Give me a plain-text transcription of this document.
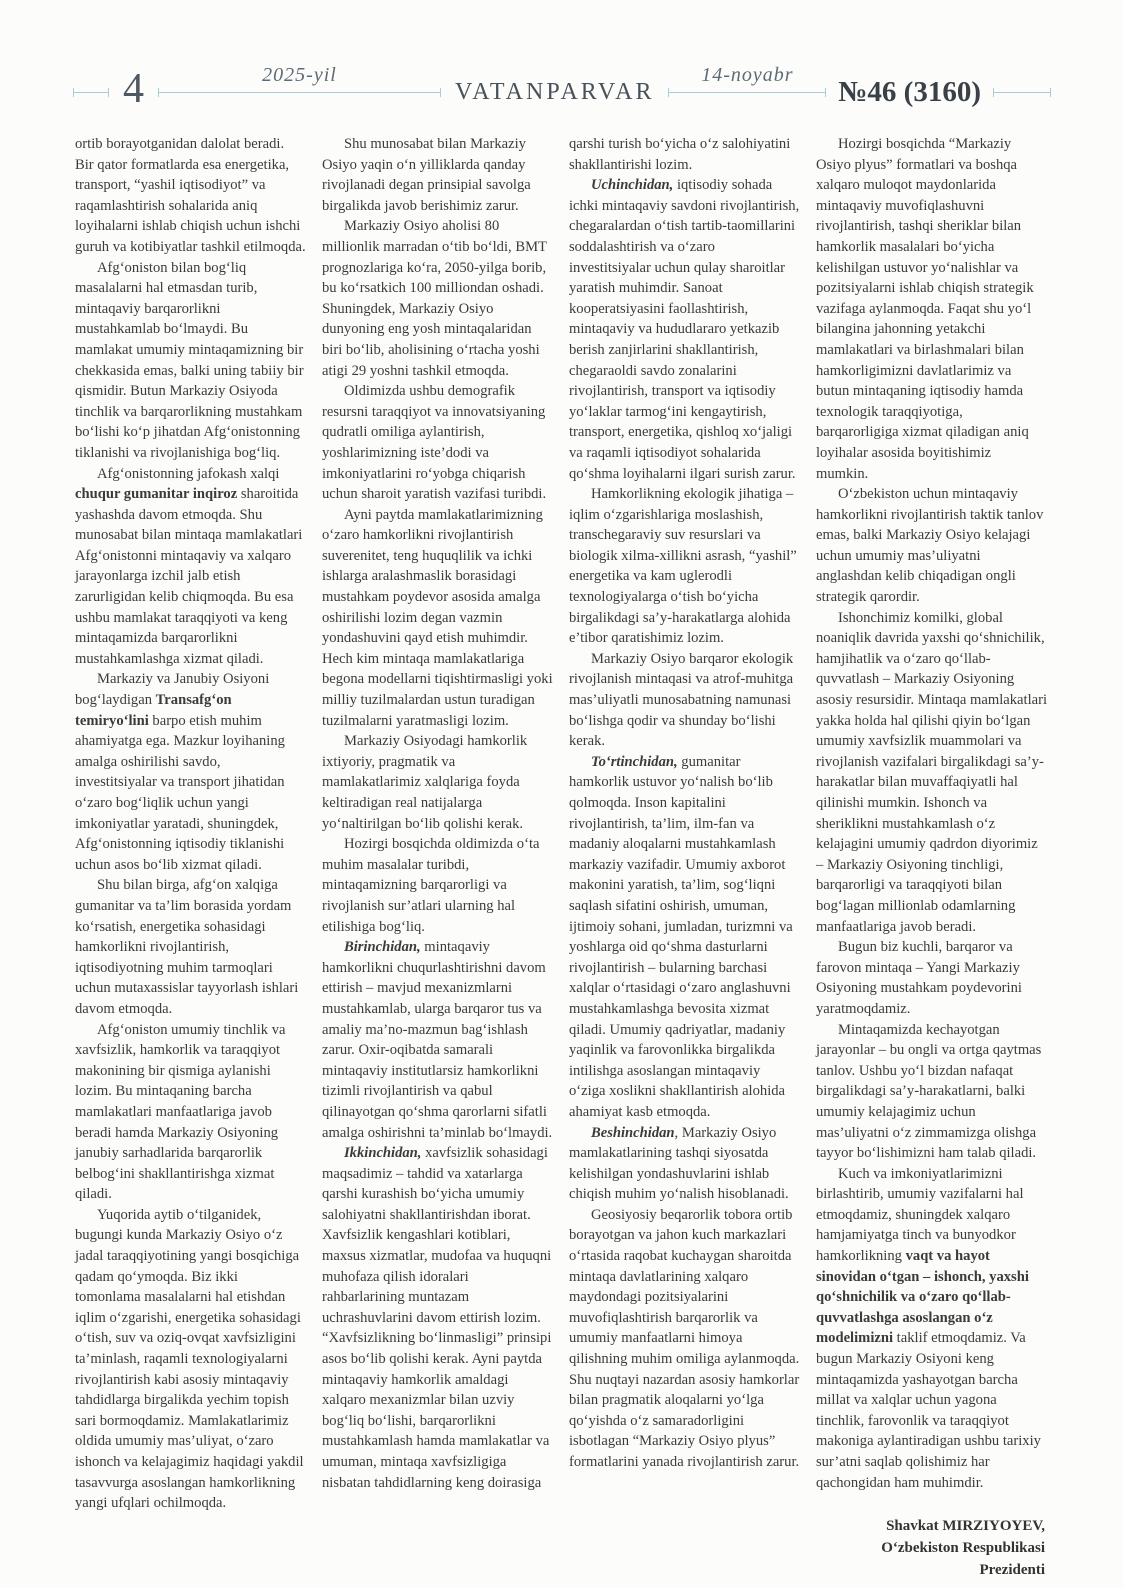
4	2025-yil
VATANPARVAR
14-noyabr
№46 (3160)

ortib borayotganidan dalolat beradi. Bir qator formatlarda esa energetika, transport, “yashil iqtisodiyot” va raqamlashtirish sohalarida aniq loyihalarni ishlab chiqish uchun ishchi guruh va kotibiyatlar tashkil etilmoqda.

Afg‘oniston bilan bog‘liq masalalarni hal etmasdan turib, mintaqaviy barqarorlikni mustahkamlab bo‘lmaydi. Bu mamlakat umumiy mintaqamizning bir chekkasida emas, balki uning tabiiy bir qismidir. Butun Markaziy Osiyoda tinchlik va barqarorlikning mustahkam bo‘lishi ko‘p jihatdan Afg‘onistonning tiklanishi va rivojlanishiga bog‘liq.

Afg‘onistonning jafokash xalqi chuqur gumanitar inqiroz sharoitida yashashda davom etmoqda. Shu munosabat bilan mintaqa mamlakatlari Afg‘onistonni mintaqaviy va xalqaro jarayonlarga izchil jalb etish zarurligidan kelib chiqmoqda. Bu esa ushbu mamlakat taraqqiyoti va keng mintaqamizda barqarorlikni mustahkamlashga xizmat qiladi.

Markaziy va Janubiy Osiyoni bog‘laydigan Transafg‘on temiryo‘lini barpo etish muhim ahamiyatga ega. Mazkur loyihaning amalga oshirilishi savdo, investitsiyalar va transport jihatidan o‘zaro bog‘liqlik uchun yangi imkoniyatlar yaratadi, shuningdek, Afg‘onistonning iqtisodiy tiklanishi uchun asos bo‘lib xizmat qiladi.

Shu bilan birga, afg‘on xalqiga gumanitar va ta’lim borasida yordam ko‘rsatish, energetika sohasidagi hamkorlikni rivojlantirish, iqtisodiyotning muhim tarmoqlari uchun mutaxassislar tayyorlash ishlari davom etmoqda.

Afg‘oniston umumiy tinchlik va xavfsizlik, hamkorlik va taraqqiyot makonining bir qismiga aylanishi lozim. Bu mintaqaning barcha mamlakatlari manfaatlariga javob beradi hamda Markaziy Osiyoning janubiy sarhadlarida barqarorlik belbog‘ini shakllantirishga xizmat qiladi.

Yuqorida aytib o‘tilganidek, bugungi kunda Markaziy Osiyo o‘z jadal taraqqiyotining yangi bosqichiga qadam qo‘ymoqda. Biz ikki tomonlama masalalarni hal etishdan iqlim o‘zgarishi, energetika sohasidagi o‘tish, suv va oziq-ovqat xavfsizligini ta’minlash, raqamli texnologiyalarni rivojlantirish kabi asosiy mintaqaviy tahdidlarga birgalikda yechim topish sari bormoqdamiz. Mamlakatlarimiz oldida umumiy mas’uliyat, o‘zaro ishonch va kelajagimiz haqidagi yakdil tasavvurga asoslangan hamkorlikning yangi ufqlari ochilmoqda.

Shu munosabat bilan Markaziy Osiyo yaqin o‘n yilliklarda qanday rivojlanadi degan prinsipial savolga birgalikda javob berishimiz zarur.

Markaziy Osiyo aholisi 80 millionlik marradan o‘tib bo‘ldi, BMT prognozlariga ko‘ra, 2050-yilga borib, bu ko‘rsatkich 100 milliondan oshadi. Shuningdek, Markaziy Osiyo dunyoning eng yosh mintaqalaridan biri bo‘lib, aholisining o‘rtacha yoshi atigi 29 yoshni tashkil etmoqda.

Oldimizda ushbu demografik resursni taraqqiyot va innovatsiyaning qudratli omiliga aylantirish, yoshlarimizning iste’dodi va imkoniyatlarini ro‘yobga chiqarish uchun sharoit yaratish vazifasi turibdi.

Ayni paytda mamlakatlarimizning o‘zaro hamkorlikni rivojlantirish suverenitet, teng huquqlilik va ichki ishlarga aralashmaslik borasidagi mustahkam poydevor asosida amalga oshirilishi lozim degan vazmin yondashuvini qayd etish muhimdir. Hech kim mintaqa mamlakatlariga begona modellarni tiqishtirmasligi yoki milliy tuzilmalardan ustun turadigan tuzilmalarni yaratmasligi lozim.

Markaziy Osiyodagi hamkorlik ixtiyoriy, pragmatik va mamlakatlarimiz xalqlariga foyda keltiradigan real natijalarga yo‘naltirilgan bo‘lib qolishi kerak.

Hozirgi bosqichda oldimizda o‘ta muhim masalalar turibdi, mintaqamizning barqarorligi va rivojlanish sur’atlari ularning hal etilishiga bog‘liq.

Birinchidan, mintaqaviy hamkorlikni chuqurlashtirishni davom ettirish – mavjud mexanizmlarni mustahkamlab, ularga barqaror tus va amaliy ma’no-mazmun bag‘ishlash zarur. Oxir-oqibatda samarali mintaqaviy institutlarsiz hamkorlikni tizimli rivojlantirish va qabul qilinayotgan qo‘shma qarorlarni sifatli amalga oshirishni ta’minlab bo‘lmaydi.

Ikkinchidan, xavfsizlik sohasidagi maqsadimiz – tahdid va xatarlarga qarshi kurashish bo‘yicha umumiy salohiyatni shakllantirishdan iborat. Xavfsizlik kengashlari kotiblari, maxsus xizmatlar, mudofaa va huquqni muhofaza qilish idoralari rahbarlarining muntazam uchrashuvlarini davom ettirish lozim. “Xavfsizlikning bo‘linmasligi” prinsipi asos bo‘lib qolishi kerak. Ayni paytda mintaqaviy hamkorlik amaldagi xalqaro mexanizmlar bilan uzviy bog‘liq bo‘lishi, barqarorlikni mustahkamlash hamda mamlakatlar va umuman, mintaqa xavfsizligiga nisbatan tahdidlarning keng doirasiga

qarshi turish bo‘yicha o‘z salohiyatini shakllantirishi lozim.

Uchinchidan, iqtisodiy sohada ichki mintaqaviy savdoni rivojlantirish, chegaralardan o‘tish tartib-taomillarini soddalashtirish va o‘zaro investitsiyalar uchun qulay sharoitlar yaratish muhimdir. Sanoat kooperatsiyasini faollashtirish, mintaqaviy va hududlararo yetkazib berish zanjirlarini shakllantirish, chegaraoldi savdo zonalarini rivojlantirish, transport va iqtisodiy yo‘laklar tarmog‘ini kengaytirish, transport, energetika, qishloq xo‘jaligi va raqamli iqtisodiyot sohalarida qo‘shma loyihalarni ilgari surish zarur.

Hamkorlikning ekologik jihatiga – iqlim o‘zgarishlariga moslashish, transchegaraviy suv resurslari va biologik xilma-xillikni asrash, “yashil” energetika va kam uglerodli texnologiyalarga o‘tish bo‘yicha birgalikdagi sa’y-harakatlarga alohida e’tibor qaratishimiz lozim.

Markaziy Osiyo barqaror ekologik rivojlanish mintaqasi va atrof-muhitga mas’uliyatli munosabatning namunasi bo‘lishga qodir va shunday bo‘lishi kerak.

To‘rtinchidan, gumanitar hamkorlik ustuvor yo‘nalish bo‘lib qolmoqda. Inson kapitalini rivojlantirish, ta’lim, ilm-fan va madaniy aloqalarni mustahkamlash markaziy vazifadir. Umumiy axborot makonini yaratish, ta’lim, sog‘liqni saqlash sifatini oshirish, umuman, ijtimoiy sohani, jumladan, turizmni va yoshlarga oid qo‘shma dasturlarni rivojlantirish – bularning barchasi xalqlar o‘rtasidagi o‘zaro anglashuvni mustahkamlashga bevosita xizmat qiladi. Umumiy qadriyatlar, madaniy yaqinlik va farovonlikka birgalikda intilishga asoslangan mintaqaviy o‘ziga xoslikni shakllantirish alohida ahamiyat kasb etmoqda.

Beshinchidan, Markaziy Osiyo mamlakatlarining tashqi siyosatda kelishilgan yondashuvlarini ishlab chiqish muhim yo‘nalish hisoblanadi.

Geosiyosiy beqarorlik tobora ortib borayotgan va jahon kuch markazlari o‘rtasida raqobat kuchaygan sharoitda mintaqa davlatlarining xalqaro maydondagi pozitsiyalarini muvofiqlashtirish barqarorlik va umumiy manfaatlarni himoya qilishning muhim omiliga aylanmoqda. Shu nuqtayi nazardan asosiy hamkorlar bilan pragmatik aloqalarni yo‘lga qo‘yishda o‘z samaradorligini isbotlagan “Markaziy Osiyo plyus” formatlarini yanada rivojlantirish zarur.

Hozirgi bosqichda “Markaziy Osiyo plyus” formatlari va boshqa xalqaro muloqot maydonlarida mintaqaviy muvofiqlashuvni rivojlantirish, tashqi sheriklar bilan hamkorlik masalalari bo‘yicha kelishilgan ustuvor yo‘nalishlar va pozitsiyalarni ishlab chiqish strategik vazifaga aylanmoqda. Faqat shu yo‘l bilangina jahonning yetakchi mamlakatlari va birlashmalari bilan hamkorligimizni davlatlarimiz va butun mintaqaning iqtisodiy hamda texnologik taraqqiyotiga, barqarorligiga xizmat qiladigan aniq loyihalar asosida boyitishimiz mumkin.

O‘zbekiston uchun mintaqaviy hamkorlikni rivojlantirish taktik tanlov emas, balki Markaziy Osiyo kelajagi uchun umumiy mas’uliyatni anglashdan kelib chiqadigan ongli strategik qarordir.

Ishonchimiz komilki, global noaniqlik davrida yaxshi qo‘shnichilik, hamjihatlik va o‘zaro qo‘llab-quvvatlash – Markaziy Osiyoning asosiy resursidir. Mintaqa mamlakatlari yakka holda hal qilishi qiyin bo‘lgan umumiy xavfsizlik muammolari va rivojlanish vazifalari birgalikdagi sa’y-harakatlar bilan muvaffaqiyatli hal qilinishi mumkin. Ishonch va sheriklikni mustahkamlash o‘z kelajagini umumiy qadrdon diyorimiz – Markaziy Osiyoning tinchligi, barqarorligi va taraqqiyoti bilan bog‘lagan millionlab odamlarning manfaatlariga javob beradi.

Bugun biz kuchli, barqaror va farovon mintaqa – Yangi Markaziy Osiyoning mustahkam poydevorini yaratmoqdamiz.

Mintaqamizda kechayotgan jarayonlar – bu ongli va ortga qaytmas tanlov. Ushbu yo‘l bizdan nafaqat birgalikdagi sa’y-harakatlarni, balki umumiy kelajagimiz uchun mas’uliyatni o‘z zimmamizga olishga tayyor bo‘lishimizni ham talab qiladi.

Kuch va imkoniyatlarimizni birlashtirib, umumiy vazifalarni hal etmoqdamiz, shuningdek xalqaro hamjamiyatga tinch va bunyodkor hamkorlikning vaqt va hayot sinovidan o‘tgan – ishonch, yaxshi qo‘shnichilik va o‘zaro qo‘llab-quvvatlashga asoslangan o‘z modelimizni taklif etmoqdamiz. Va bugun Markaziy Osiyoni keng mintaqamizda yashayotgan barcha millat va xalqlar uchun yagona tinchlik, farovonlik va taraqqiyot makoniga aylantiradigan ushbu tarixiy sur’atni saqlab qolishimiz har qachongidan ham muhimdir.

Shavkat MIRZIYOYEV,
O‘zbekiston Respublikasi
Prezidenti
